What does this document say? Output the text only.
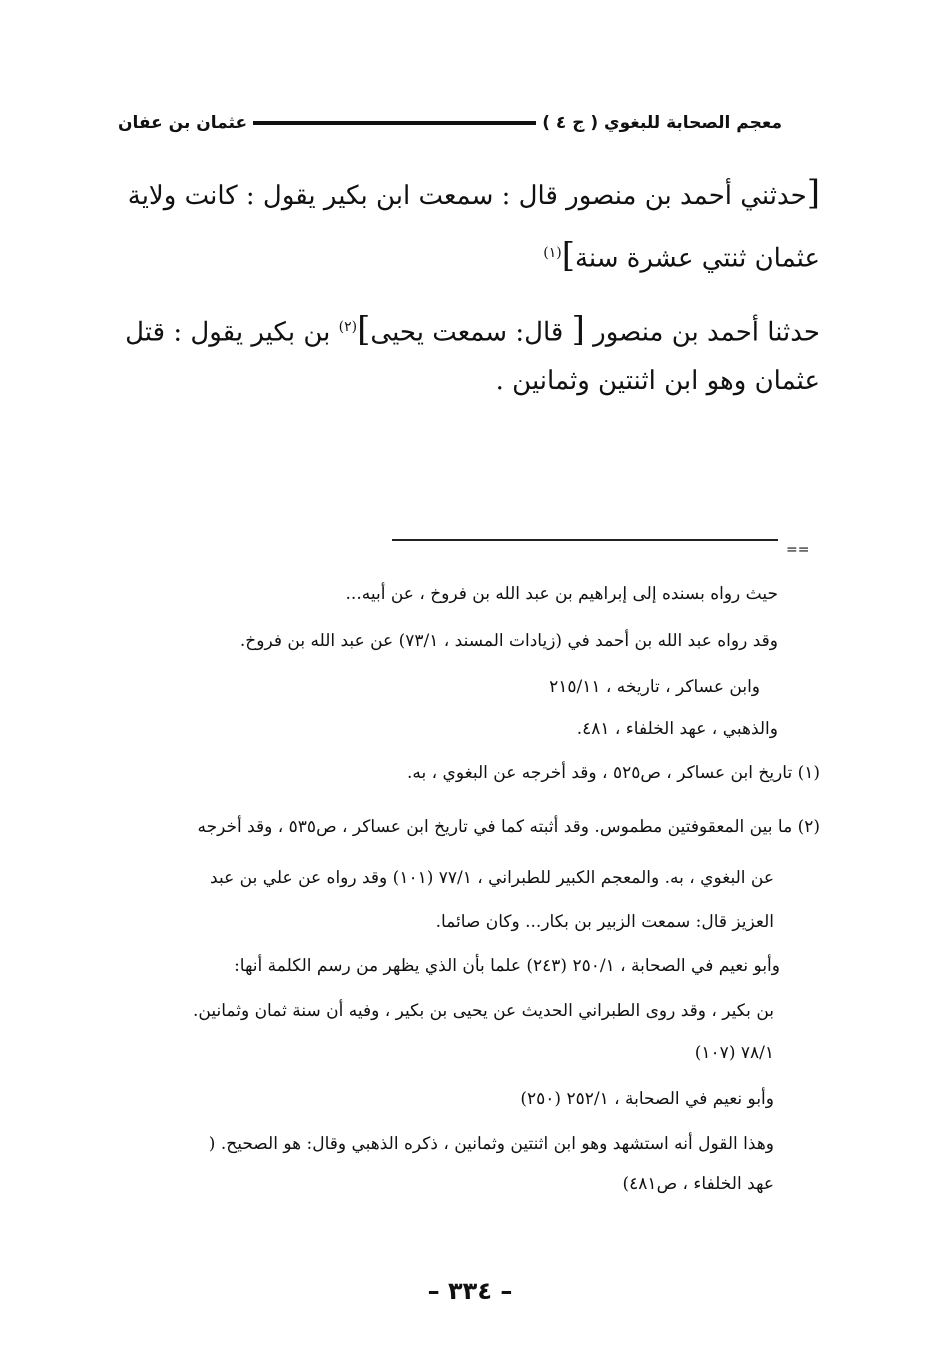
معجم الصحابة للبغوي ( ج ٤ )
عثمان بن عفان
[حدثني أحمد بن منصور قال : سمعت ابن بكير يقول : كانت ولاية
عثمان ثنتي عشرة سنة]$^{(١)}$
حدثنا أحمد بن منصور [ قال: سمعت يحيى]$^{(٢)}$ بن بكير يقول : قتل
عثمان وهو ابن اثنتين وثمانين .
==
حيث رواه بسنده إلى إبراهيم بن عبد الله بن فروخ ، عن أبيه...
وقد رواه عبد الله بن أحمد في (زيادات المسند ، ٧٣/١) عن عبد الله بن فروخ.
وابن عساكر ، تاريخه ، ٢١٥/١١
والذهبي ، عهد الخلفاء ، ٤٨١.
(١) تاريخ ابن عساكر ، ص٥٢٥ ، وقد أخرجه عن البغوي ، به.
(٢) ما بين المعقوفتين مطموس. وقد أثبته كما في تاريخ ابن عساكر ، ص٥٣٥ ، وقد أخرجه
عن البغوي ، به. والمعجم الكبير للطبراني ، ٧٧/١ (١٠١) وقد رواه عن علي بن عبد
العزيز قال: سمعت الزبير بن بكار... وكان صائما.
وأبو نعيم في الصحابة ، ٢٥٠/١ (٢٤٣) علما بأن الذي يظهر من رسم الكلمة أنها:
بن بكير ، وقد روى الطبراني الحديث عن يحيى بن بكير ، وفيه أن سنة ثمان وثمانين.
٧٨/١ (١٠٧)
وأبو نعيم في الصحابة ، ٢٥٢/١ (٢٥٠)
وهذا القول أنه استشهد وهو ابن اثنتين وثمانين ، ذكره الذهبي وقال: هو الصحيح. (
عهد الخلفاء ، ص٤٨١)
– ٣٣٤ –
